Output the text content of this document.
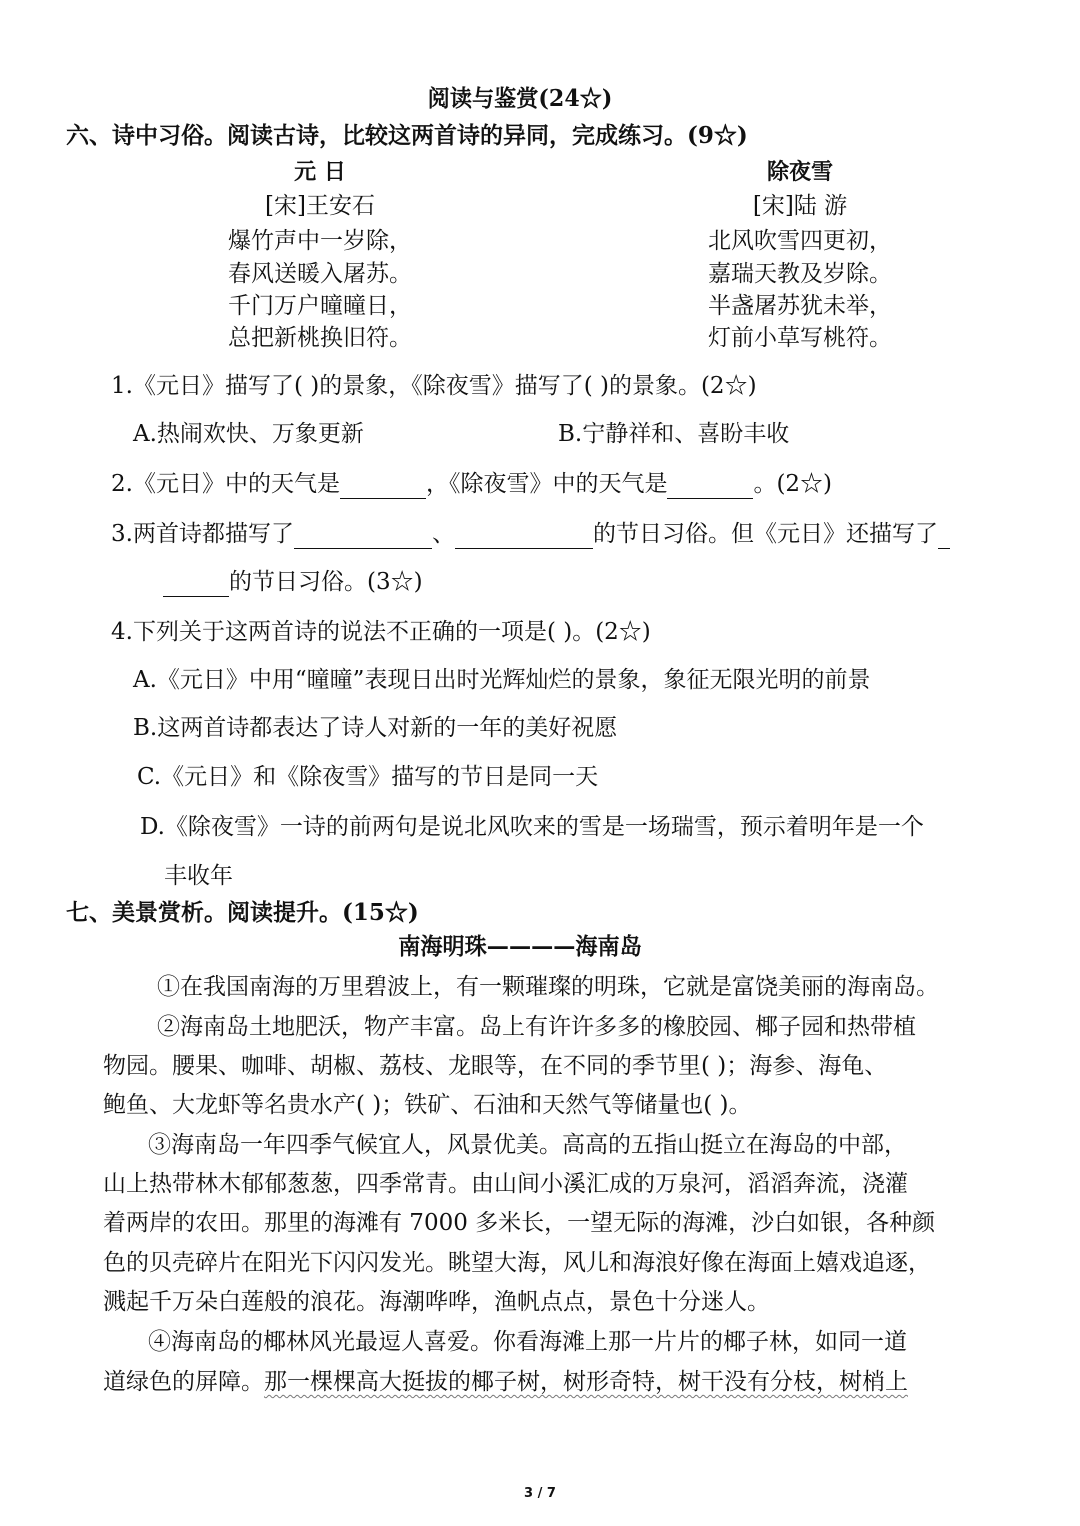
阅读与鉴赏(24☆)
六、诗中习俗。阅读古诗，比较这两首诗的异同，完成练习。(9☆)
元 日
[宋]王安石
爆竹声中一岁除，
春风送暖入屠苏。
千门万户曈曈日，
总把新桃换旧符。
除夜雪
[宋]陆 游
北风吹雪四更初，
嘉瑞天教及岁除。
半盏屠苏犹未举，
灯前小草写桃符。
1.《元日》描写了( )的景象，《除夜雪》描写了( )的景象。(2☆)
A.热闹欢快、万象更新	B.宁静祥和、喜盼丰收
2.《元日》中的天气是	，《除夜雪》中的天气是	。(2☆)
3.两首诗都描写了	、	的节日习俗。但《元日》还描写了
的节日习俗。(3☆)
4.下列关于这两首诗的说法不正确的一项是( )。(2☆)
A.《元日》中用“曈曈”表现日出时光辉灿烂的景象，象征无限光明的前景
B.这两首诗都表达了诗人对新的一年的美好祝愿
C.《元日》和《除夜雪》描写的节日是同一天
D.《除夜雪》一诗的前两句是说北风吹来的雪是一场瑞雪，预示着明年是一个
丰收年
七、美景赏析。阅读提升。(15☆)
南海明珠————海南岛
①在我国南海的万里碧波上，有一颗璀璨的明珠，它就是富饶美丽的海南岛。
②海南岛土地肥沃，物产丰富。岛上有许许多多的橡胶园、椰子园和热带植
物园。腰果、咖啡、胡椒、荔枝、龙眼等，在不同的季节里( )；海参、海龟、
鲍鱼、大龙虾等名贵水产( )；铁矿、石油和天然气等储量也( )。
③海南岛一年四季气候宜人，风景优美。高高的五指山挺立在海岛的中部，
山上热带林木郁郁葱葱，四季常青。由山间小溪汇成的万泉河，滔滔奔流，浇灌
着两岸的农田。那里的海滩有 7000 多米长，一望无际的海滩，沙白如银，各种颜
色的贝壳碎片在阳光下闪闪发光。眺望大海，风儿和海浪好像在海面上嬉戏追逐，
溅起千万朵白莲般的浪花。海潮哗哗，渔帆点点，景色十分迷人。
④海南岛的椰林风光最逗人喜爱。你看海滩上那一片片的椰子林，如同一道
道绿色的屏障。那一棵棵高大挺拔的椰子树，树形奇特，树干没有分枝，树梢上
3 / 7
